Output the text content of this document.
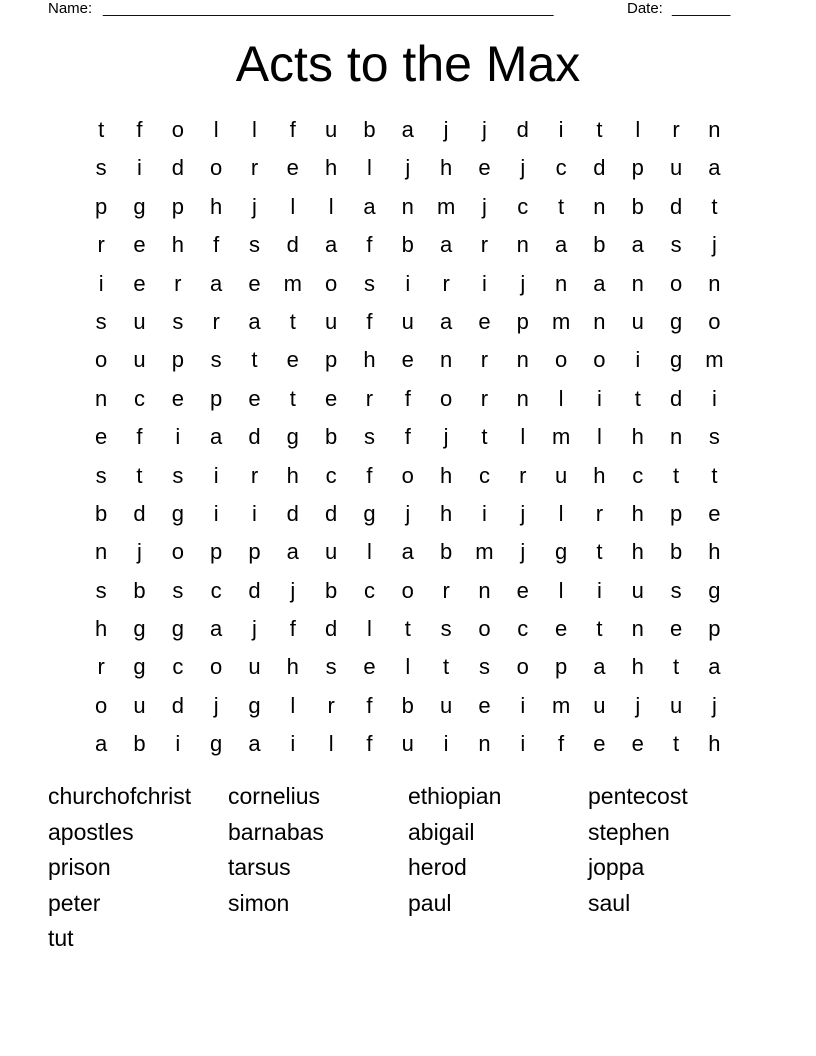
Name: ______________________________________________________	Date: _______
Acts to the Max
t	f	o	l	l	f	u	b	a	j	j	d	i	t	l	r	n
s	i	d	o	r	e	h	l	j	h	e	j	c	d	p	u	a
p	g	p	h	j	l	l	a	n	m	j	c	t	n	b	d	t
r	e	h	f	s	d	a	f	b	a	r	n	a	b	a	s	j
i	e	r	a	e	m	o	s	i	r	i	j	n	a	n	o	n
s	u	s	r	a	t	u	f	u	a	e	p	m	n	u	g	o
o	u	p	s	t	e	p	h	e	n	r	n	o	o	i	g	m
n	c	e	p	e	t	e	r	f	o	r	n	l	i	t	d	i
e	f	i	a	d	g	b	s	f	j	t	l	m	l	h	n	s
s	t	s	i	r	h	c	f	o	h	c	r	u	h	c	t	t
b	d	g	i	i	d	d	g	j	h	i	j	l	r	h	p	e
n	j	o	p	p	a	u	l	a	b	m	j	g	t	h	b	h
s	b	s	c	d	j	b	c	o	r	n	e	l	i	u	s	g
h	g	g	a	j	f	d	l	t	s	o	c	e	t	n	e	p
r	g	c	o	u	h	s	e	l	t	s	o	p	a	h	t	a
o	u	d	j	g	l	r	f	b	u	e	i	m	u	j	u	j
a	b	i	g	a	i	l	f	u	i	n	i	f	e	e	t	h
churchofchrist	cornelius	ethiopian	pentecost
apostles	barnabas	abigail	stephen
prison	tarsus	herod	joppa
peter	simon	paul	saul
tut
